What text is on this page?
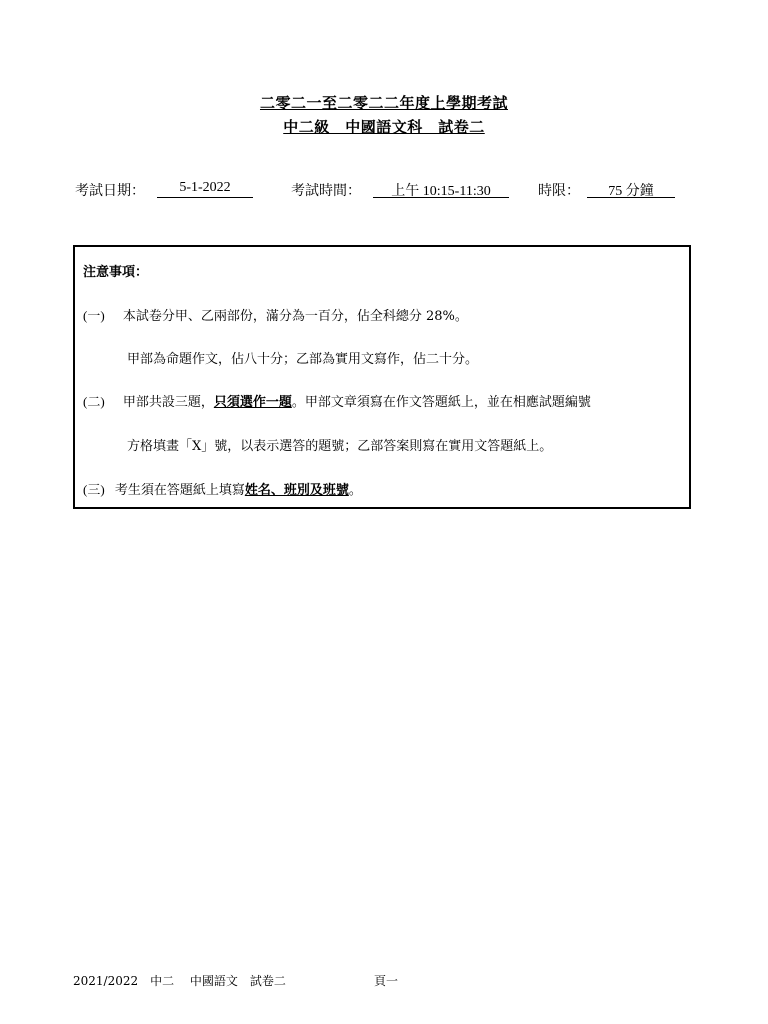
二零二一至二零二二年度上學期考試
中二級　中國語文科　試卷二
考試日期：	5-1-2022	考試時間：	上午 10:15-11:30	時限：	75 分鐘
注意事項：
(一) 本試卷分甲、乙兩部份，滿分為一百分，佔全科總分 28%。
甲部為命題作文，佔八十分；乙部為實用文寫作，佔二十分。
(二) 甲部共設三題，只須選作一題。甲部文章須寫在作文答題紙上，並在相應試題編號
方格填畫「X」號，以表示選答的題號；乙部答案則寫在實用文答題紙上。
(三) 考生須在答題紙上填寫姓名、班別及班號。
2021/2022　中二　 中國語文　試卷二	頁一
